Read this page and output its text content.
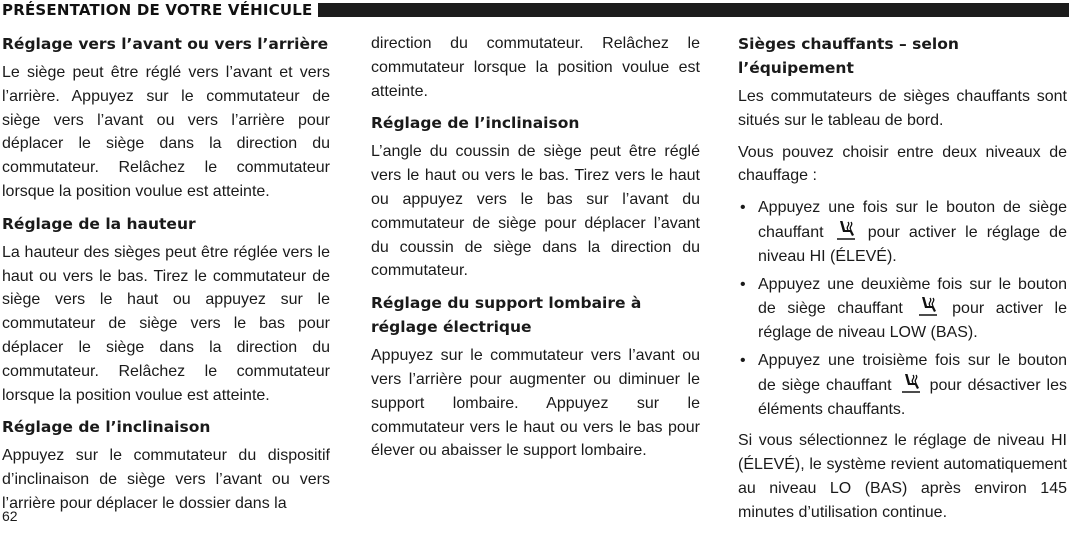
PRÉSENTATION DE VOTRE VÉHICULE
Réglage vers l’avant ou vers l’arrière

Le siège peut être réglé vers l’avant et vers l’arrière. Appuyez sur le commutateur de siège vers l’avant ou vers l’arrière pour déplacer le siège dans la direction du commutateur. Relâchez le commutateur lorsque la position voulue est atteinte.

Réglage de la hauteur

La hauteur des sièges peut être réglée vers le haut ou vers le bas. Tirez le commutateur de siège vers le haut ou appuyez sur le commutateur de siège vers le bas pour déplacer le siège dans la direction du commutateur. Relâchez le commutateur lorsque la position voulue est atteinte.

Réglage de l’inclinaison

Appuyez sur le commutateur du dispositif d’inclinaison de siège vers l’avant ou vers l’arrière pour déplacer le dossier dans la

direction du commutateur. Relâchez le commutateur lorsque la position voulue est atteinte.

Réglage de l’inclinaison

L’angle du coussin de siège peut être réglé vers le haut ou vers le bas. Tirez vers le haut ou appuyez vers le bas sur l’avant du commutateur de siège pour déplacer l’avant du coussin de siège dans la direction du commutateur.

Réglage du support lombaire à réglage électrique

Appuyez sur le commutateur vers l’avant ou vers l’arrière pour augmenter ou diminuer le support lombaire. Appuyez sur le commutateur vers le haut ou vers le bas pour élever ou abaisser le support lombaire.

Sièges chauffants – selon l’équipement

Les commutateurs de sièges chauffants sont situés sur le tableau de bord.

Vous pouvez choisir entre deux niveaux de chauffage :

• Appuyez une fois sur le bouton de siège chauffant	pour activer le réglage de niveau HI (ÉLEVÉ).
• Appuyez une deuxième fois sur le bouton de siège chauffant	pour activer le réglage de niveau LOW (BAS).
• Appuyez une troisième fois sur le bouton de siège chauffant pour désactiver les éléments chauffants.

Si vous sélectionnez le réglage de niveau HI (ÉLEVÉ), le système revient automatiquement au niveau LO (BAS) après environ 145 minutes d’utilisation continue.

62
